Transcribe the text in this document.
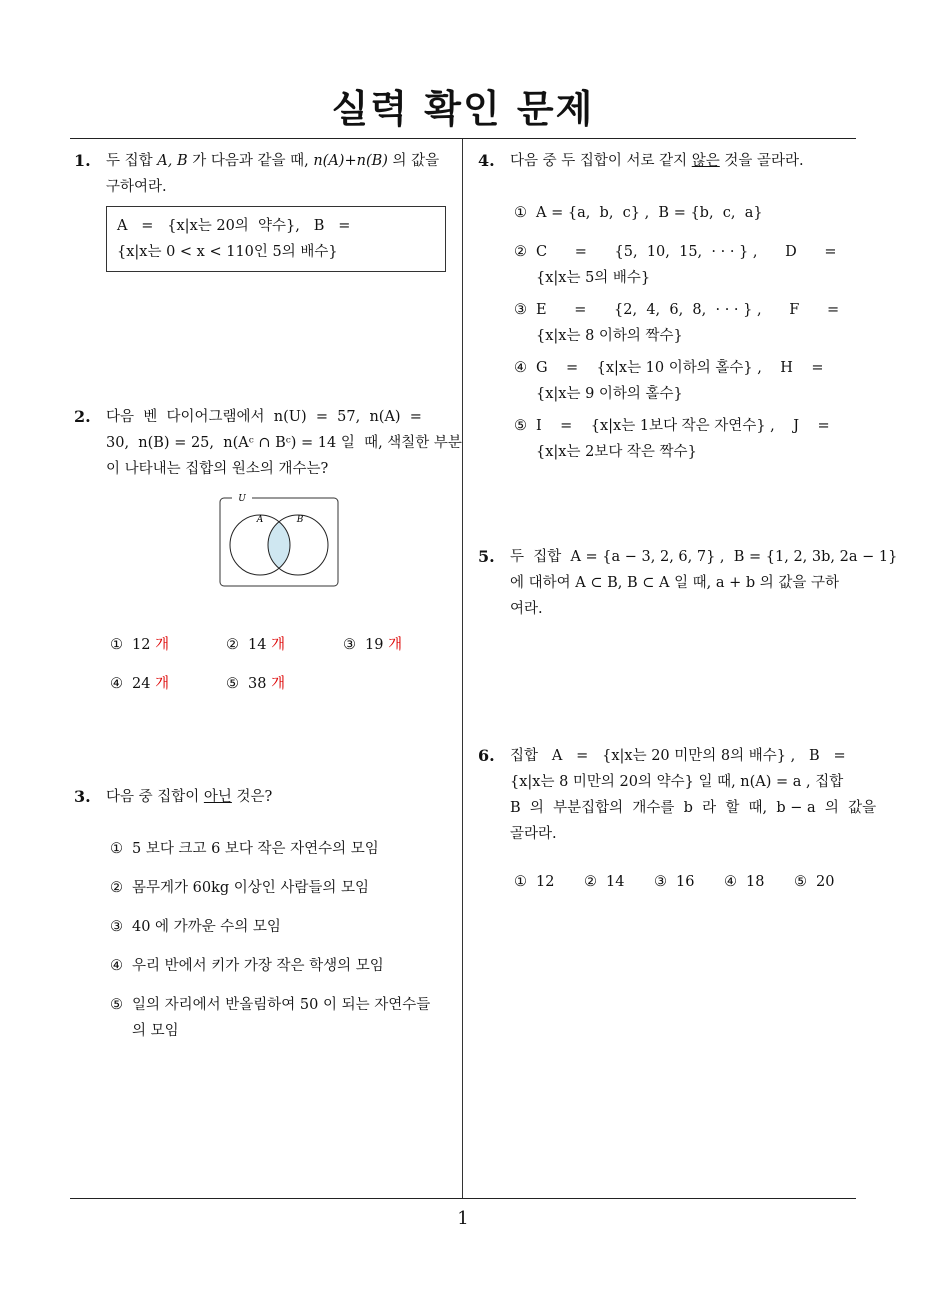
실력 확인 문제
1
1. 두 집합 A, B 가 다음과 같을 때, n(A)+n(B) 의 값을
구하여라.
A   =   {x|x는 20의  약수},   B   =
{x|x는 0 < x < 110인 5의 배수}
2. 다음  벤  다이어그램에서  n(U)  =  57,  n(A)  =
30,  n(B) = 25,  n(Aᶜ ∩ Bᶜ) = 14 일  때, 색칠한 부분
이 나타내는 집합의 원소의 개수는?
U
A	B
① 12 개	② 14 개	③ 19 개
④ 24 개	⑤ 38 개
3. 다음 중 집합이 아닌 것은?
① 5 보다 크고 6 보다 작은 자연수의 모임
② 몸무게가 60kg 이상인 사람들의 모임
③ 40 에 가까운 수의 모임
④ 우리 반에서 키가 가장 작은 학생의 모임
⑤ 일의 자리에서 반올림하여 50 이 되는 자연수들
의 모임
4. 다음 중 두 집합이 서로 같지 않은 것을 골라라.
① A = {a,  b,  c} ,  B = {b,  c,  a}
② C      =      {5,  10,  15,  · · · } ,      D      =
{x|x는 5의 배수}
③ E      =      {2,  4,  6,  8,  · · · } ,      F      =
{x|x는 8 이하의 짝수}
④ G    =    {x|x는 10 이하의 홀수} ,    H    =
{x|x는 9 이하의 홀수}
⑤ I    =    {x|x는 1보다 작은 자연수} ,    J    =
{x|x는 2보다 작은 짝수}
5. 두  집합  A = {a − 3, 2, 6, 7} ,  B = {1, 2, 3b, 2a − 1}
에 대하여 A ⊂ B, B ⊂ A 일 때, a + b 의 값을 구하
여라.
6. 집합   A   =   {x|x는 20 미만의 8의 배수} ,   B   =
{x|x는 8 미만의 20의 약수} 일 때, n(A) = a , 집합
B  의  부분집합의  개수를  b  라  할  때,  b − a  의  값을
골라라.
① 12 ② 14 ③ 16 ④ 18 ⑤ 20
